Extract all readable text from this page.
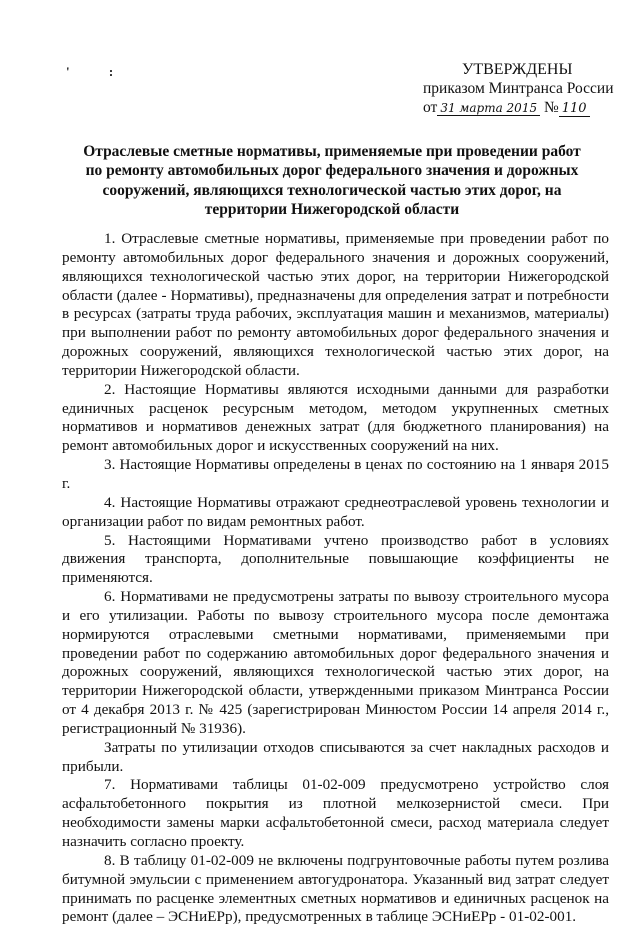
' :	УТВЕРЖДЕНЫ
приказом Минтранса России
от 31 марта 2015 № 110
Отраслевые сметные нормативы, применяемые при проведении работ по ремонту автомобильных дорог федерального значения и дорожных сооружений, являющихся технологической частью этих дорог, на территории Нижегородской области

1. Отраслевые сметные нормативы, применяемые при проведении работ по ремонту автомобильных дорог федерального значения и дорожных сооружений, являющихся технологической частью этих дорог, на территории Нижегородской области (далее - Нормативы), предназначены для определения затрат и потребности в ресурсах (затраты труда рабочих, эксплуатация машин и механизмов, материалы) при выполнении работ по ремонту автомобильных дорог федерального значения и дорожных сооружений, являющихся технологической частью этих дорог, на территории Нижегородской области.

2. Настоящие Нормативы являются исходными данными для разработки единичных расценок ресурсным методом, методом укрупненных сметных нормативов и нормативов денежных затрат (для бюджетного планирования) на ремонт автомобильных дорог и искусственных сооружений на них.

3. Настоящие Нормативы определены в ценах по состоянию на 1 января 2015 г.

4. Настоящие Нормативы отражают среднеотраслевой уровень технологии и организации работ по видам ремонтных работ.

5. Настоящими Нормативами учтено производство работ в условиях движения транспорта, дополнительные повышающие коэффициенты не применяются.

6. Нормативами не предусмотрены затраты по вывозу строительного мусора и его утилизации. Работы по вывозу строительного мусора после демонтажа нормируются отраслевыми сметными нормативами, применяемыми при проведении работ по содержанию автомобильных дорог федерального значения и дорожных сооружений, являющихся технологической частью этих дорог, на территории Нижегородской области, утвержденными приказом Минтранса России от 4 декабря 2013 г. № 425 (зарегистрирован Минюстом России 14 апреля 2014 г., регистрационный № 31936).

Затраты по утилизации отходов списываются за счет накладных расходов и прибыли.

7. Нормативами таблицы 01-02-009 предусмотрено устройство слоя асфальтобетонного покрытия из плотной мелкозернистой смеси. При необходимости замены марки асфальтобетонной смеси, расход материала следует назначить согласно проекту.

8. В таблицу 01-02-009 не включены подгрунтовочные работы путем розлива битумной эмульсии с применением автогудронатора. Указанный вид затрат следует принимать по расценке элементных сметных нормативов и единичных расценок на ремонт (далее – ЭСНиЕРр), предусмотренных в таблице ЭСНиЕРр - 01-02-001.
